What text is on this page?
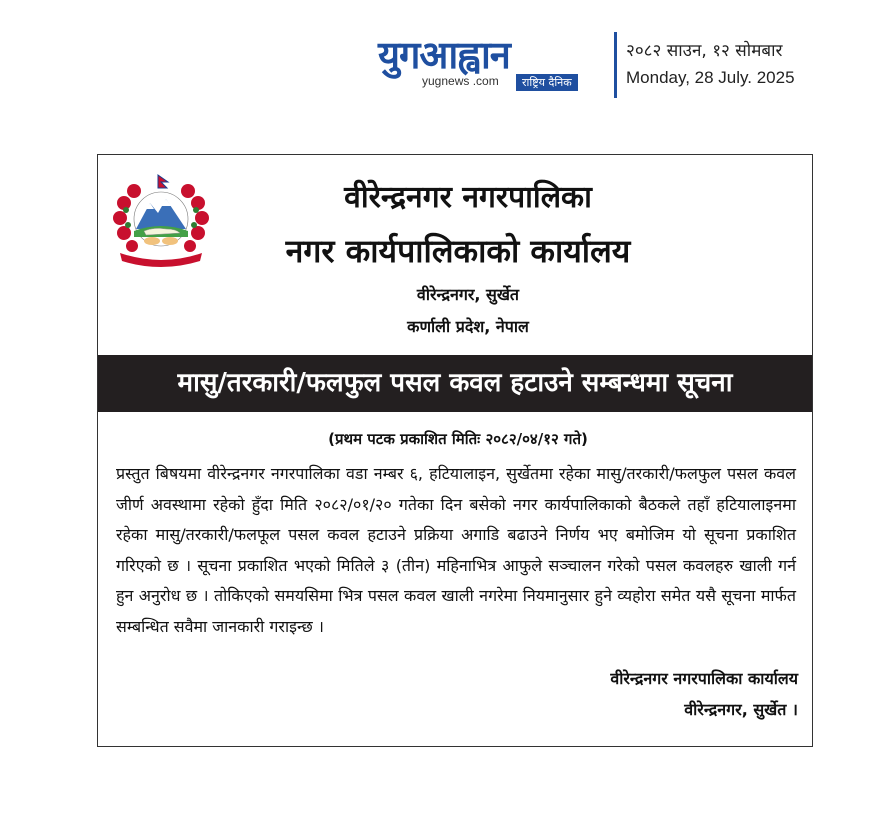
युगआह्वान
yugnews .com	राष्ट्रिय दैनिक
२०८२ साउन, १२ सोमबार
Monday, 28 July. 2025
वीरेन्द्रनगर नगरपालिका
नगर कार्यपालिकाको कार्यालय
वीरेन्द्रनगर, सुर्खेत
कर्णाली प्रदेश, नेपाल
मासु/तरकारी/फलफुल पसल कवल हटाउने सम्बन्धमा सूचना
(प्रथम पटक प्रकाशित मितिः २०८२/०४/१२ गते)

प्रस्तुत बिषयमा वीरेन्द्रनगर नगरपालिका वडा नम्बर ६, हटियालाइन, सुर्खेतमा रहेका मासु/तरकारी/फलफुल पसल कवल जीर्ण अवस्थामा रहेको हुँदा मिति २०८२/०१/२० गतेका दिन बसेको नगर कार्यपालिकाको बैठकले तहाँ हटियालाइनमा रहेका मासु/तरकारी/फलफूल पसल कवल हटाउने प्रक्रिया अगाडि बढाउने निर्णय भए बमोजिम यो सूचना प्रकाशित गरिएको छ । सूचना प्रकाशित भएको मितिले ३ (तीन) महिनाभित्र आफुले सञ्चालन गरेको पसल कवलहरु खाली गर्न हुन अनुरोध छ । तोकिएको समयसिमा भित्र पसल कवल खाली नगरेमा नियमानुसार हुने व्यहोरा समेत यसै सूचना मार्फत सम्बन्धित सवैमा जानकारी गराइन्छ ।

वीरेन्द्रनगर नगरपालिका कार्यालय
वीरेन्द्रनगर, सुर्खेत ।
